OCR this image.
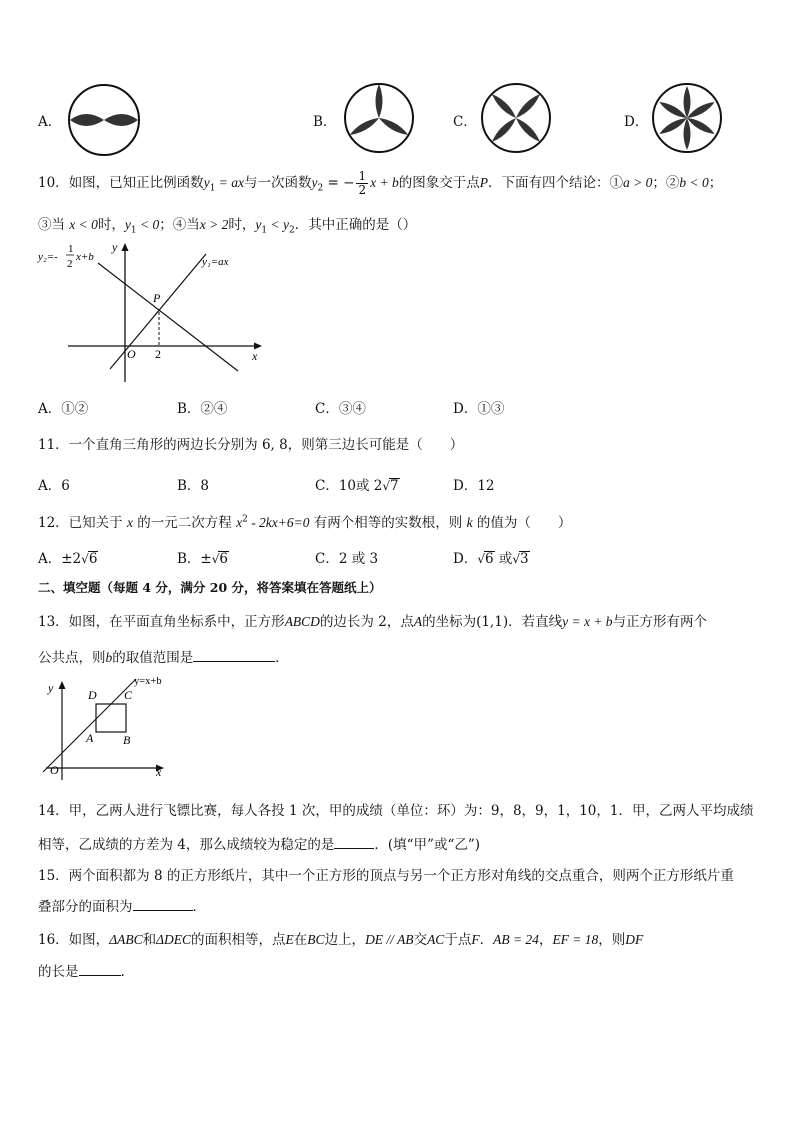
A．	B．	C．	D．
10．如图，已知正比例函数$y_1$ = ax与一次函数$y_2$ = − $\frac{1}{2}$ x + b的图象交于点P．下面有四个结论：①a > 0；②b < 0；
③当 x < 0时，$y_1 < 0$；④当x > 2时，$y_1 < y_2$．其中正确的是（）
y₂=-
1
2
x+b	y₁=ax
y
x
O
P
2
A．①②	B．②④	C．③④	D．①③
11．一个直角三角形的两边长分别为 6, 8，则第三边长可能是（　　）
A．6	B．8	C．10或 2√7	D．12
12．已知关于 x 的一元二次方程 $x^2 - 2kx+6=0$ 有两个相等的实数根，则 k 的值为（　　）
A．±2√6	B．±√6	C．2 或 3	D．√6 或√3
二、填空题（每题 4 分，满分 20 分，将答案填在答题纸上）
13．如图，在平面直角坐标系中，正方形ABCD的边长为 2，点A的坐标为(1,1)．若直线y = x + b与正方形有两个
公共点，则b的取值范围是	．
y
x
O
y=x+b
D C
A B
14．甲，乙两人进行飞镖比赛，每人各投 1 次，甲的成绩（单位：环）为：9，8，9，1，10，1．甲，乙两人平均成绩
相等，乙成绩的方差为 4，那么成绩较为稳定的是	．(填“甲”或“乙”)
15．两个面积都为 8 的正方形纸片，其中一个正方形的顶点与另一个正方形对角线的交点重合，则两个正方形纸片重
叠部分的面积为	．
16．如图，ΔABC和ΔDEC的面积相等，点E在BC边上，DE // AB交AC于点F．AB = 24，EF = 18，则DF
的长是	.
